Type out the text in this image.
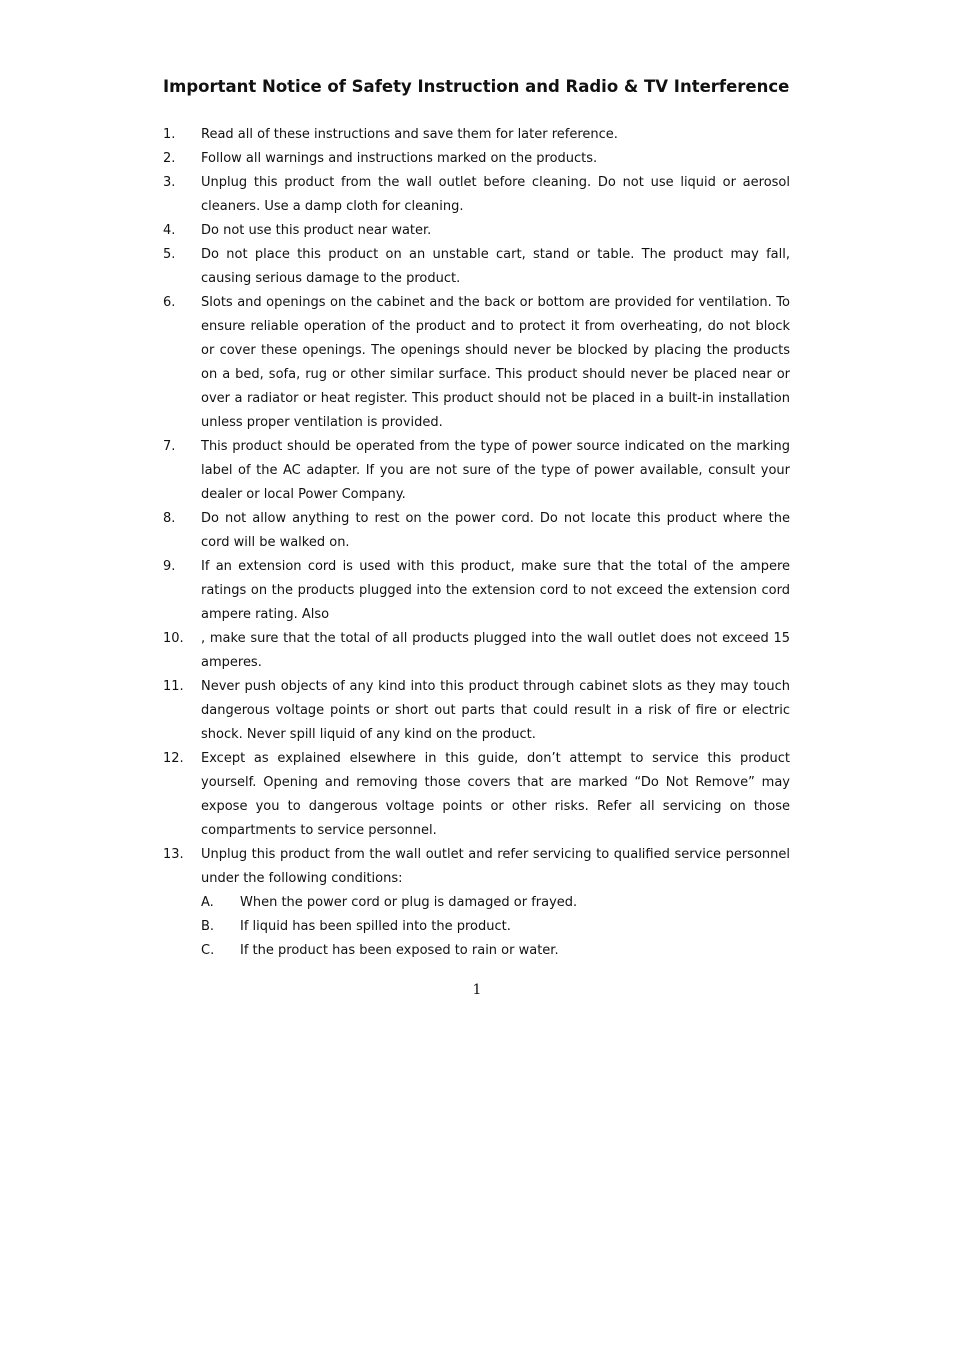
Important Notice of Safety Instruction and Radio & TV Interference
1.	Read all of these instructions and save them for later reference.
2.	Follow all warnings and instructions marked on the products.
3.	Unplug this product from the wall outlet before cleaning. Do not use liquid or aerosol cleaners. Use a damp cloth for cleaning.
4.	Do not use this product near water.
5.	Do not place this product on an unstable cart, stand or table. The product may fall, causing serious damage to the product.
6.	Slots and openings on the cabinet and the back or bottom are provided for ventilation. To ensure reliable operation of the product and to protect it from overheating, do not block or cover these openings. The openings should never be blocked by placing the products on a bed, sofa, rug or other similar surface. This product should never be placed near or over a radiator or heat register. This product should not be placed in a built-in installation unless proper ventilation is provided.
7.	This product should be operated from the type of power source indicated on the marking label of the AC adapter. If you are not sure of the type of power available, consult your dealer or local Power Company.
8.	Do not allow anything to rest on the power cord. Do not locate this product where the cord will be walked on.
9.	If an extension cord is used with this product, make sure that the total of the ampere ratings on the products plugged into the extension cord to not exceed the extension cord ampere rating. Also
10.	, make sure that the total of all products plugged into the wall outlet does not exceed 15 amperes.
11.	Never push objects of any kind into this product through cabinet slots as they may touch dangerous voltage points or short out parts that could result in a risk of fire or electric shock. Never spill liquid of any kind on the product.
12.	Except as explained elsewhere in this guide, don’t attempt to service this product yourself. Opening and removing those covers that are marked “Do Not Remove” may expose you to dangerous voltage points or other risks. Refer all servicing on those compartments to service personnel.
13.	Unplug this product from the wall outlet and refer servicing to qualified service personnel under the following conditions:
A. When the power cord or plug is damaged or frayed.
B. If liquid has been spilled into the product.
C. If the product has been exposed to rain or water.
1
